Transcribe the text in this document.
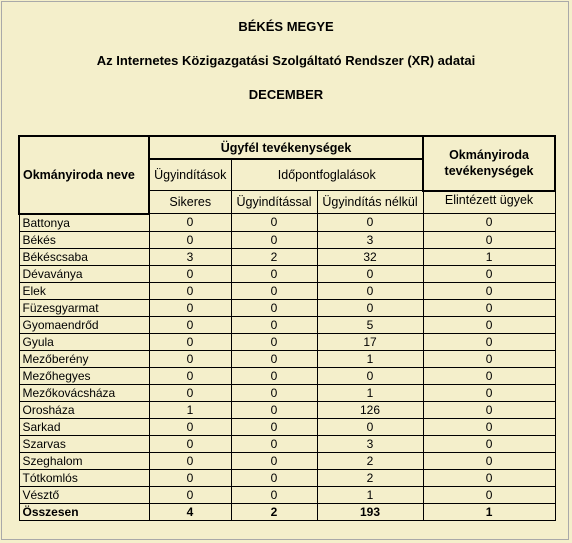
BÉKÉS MEGYE
Az Internetes Közigazgatási Szolgáltató Rendszer (XR) adatai
DECEMBER
Okmányiroda neve	Ügyfél tevékenységek			Okmányiroda tevékenységek
	Ügyindítások	Időpontfoglalások		
	Sikeres	Ügyindítással	Ügyindítás nélkül	Elintézett ügyek
Battonya	0	0	0	0
Békés	0	0	3	0
Békéscsaba	3	2	32	1
Dévaványa	0	0	0	0
Elek	0	0	0	0
Füzesgyarmat	0	0	0	0
Gyomaendrőd	0	0	5	0
Gyula	0	0	17	0
Mezőberény	0	0	1	0
Mezőhegyes	0	0	0	0
Mezőkovácsháza	0	0	1	0
Orosháza	1	0	126	0
Sarkad	0	0	0	0
Szarvas	0	0	3	0
Szeghalom	0	0	2	0
Tótkomlós	0	0	2	0
Vésztő	0	0	1	0
Összesen	4	2	193	1
